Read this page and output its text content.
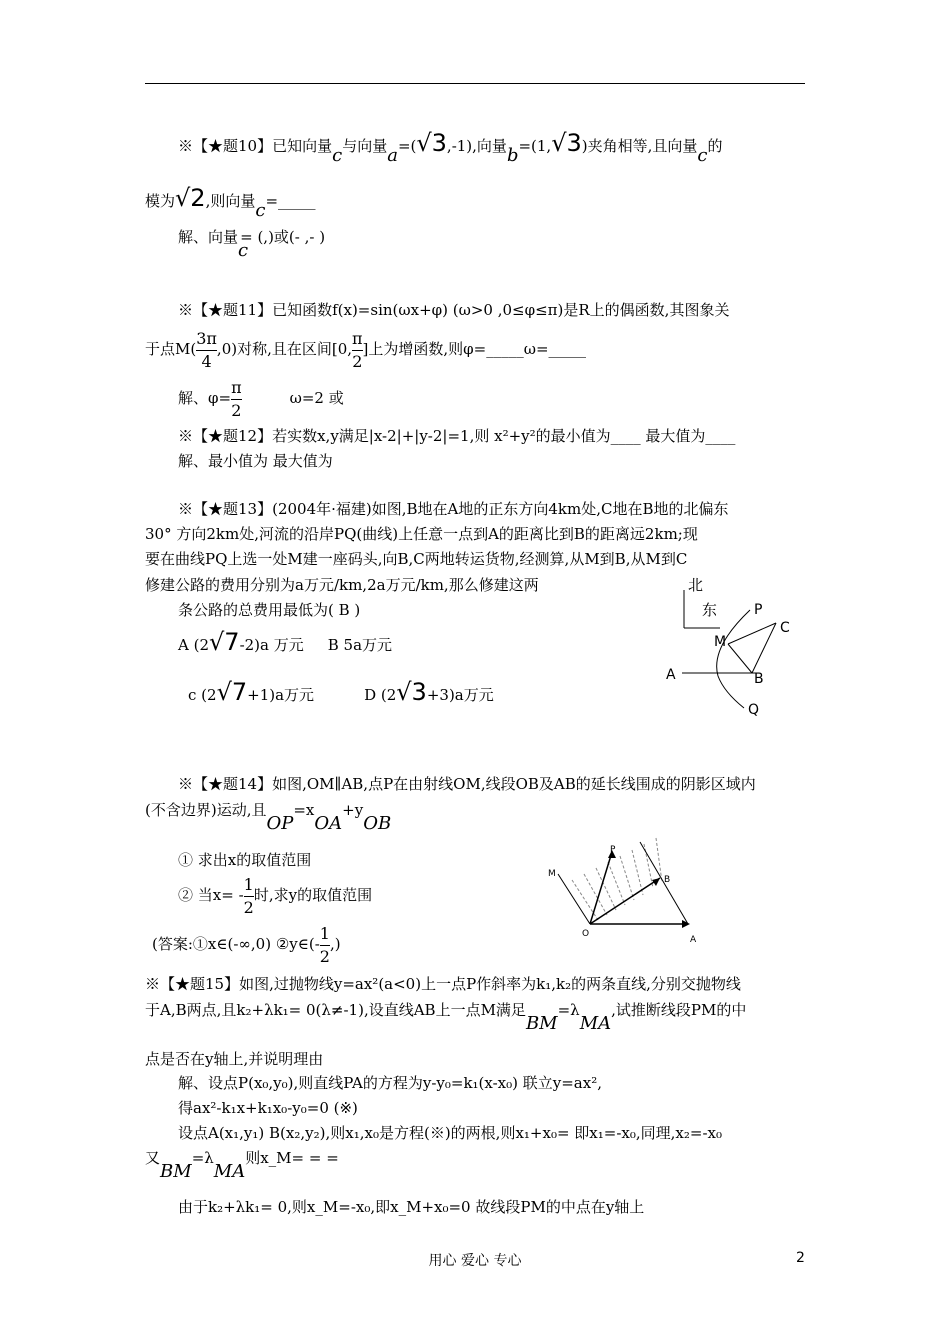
※【★题10】已知向量c与向量a=(√3,-1),向量b=(1,√3)夹角相等,且向量c的
模为√2,则向量c=_____
解、向量c= (,)或(- ,- )
※【★题11】已知函数f(x)=sin(ωx+φ) (ω>0 ,0≤φ≤π)是R上的偶函数,其图象关
于点$M( \frac{3\pi}{4} ,0)$对称,且在区间[0, $\frac{\pi}{2}$ ]上为增函数,则φ=_____ω=_____
解、$\varphi= \frac{\pi}{2}$	ω=2 或
※【★题12】若实数x,y满足|x-2|+|y-2|=1,则 x²+y²的最小值为____ 最大值为____
解、最小值为 最大值为
※【★题13】(2004年·福建)如图,B地在A地的正东方向4km处,C地在B地的北偏东
30° 方向2km处,河流的沿岸PQ(曲线)上任意一点到A的距离比到B的距离远2km;现
要在曲线PQ上选一处M建一座码头,向B,C两地转运货物,经测算,从M到B,从M到C
修建公路的费用分别为a万元/km,2a万元/km,那么修建这两
条公路的总费用最低为( B )
A (2√7-2)a 万元 B 5a万元
c (2√7+1)a万元	D (2√3+3)a万元
北
东	P
C
M
A	B
Q
※【★题14】如图,OM∥AB,点P在由射线OM,线段OB及AB的延长线围成的阴影区域内
(不含边界)运动,且OP=xOA+yOB
① 求出x的取值范围
② 当$x= - \frac{1}{2}$ 时,求y的取值范围
(答案:①x∈(-∞,0) ②y∈(- $\frac{1}{2}$ ,)
M
P
B
O
A
※【★题15】如图,过抛物线y=ax²(a<0)上一点P作斜率为k₁,k₂的两条直线,分别交抛物线
于A,B两点,且k₂+λk₁= 0(λ≠-1),设直线AB上一点M满足BM=λMA,试推断线段PM的中
点是否在y轴上,并说明理由
解、设点P(x₀,y₀),则直线PA的方程为y-y₀=k₁(x-x₀) 联立y=ax²,
得ax²-k₁x+k₁x₀-y₀=0 (※)
设点A(x₁,y₁) B(x₂,y₂),则x₁,x₀是方程(※)的两根,则x₁+x₀= 即x₁=-x₀,同理,x₂=-x₀
又BM=λMA则x_M= = =
由于k₂+λk₁= 0,则x_M=-x₀,即x_M+x₀=0 故线段PM的中点在y轴上
用心 爱心 专心	2
